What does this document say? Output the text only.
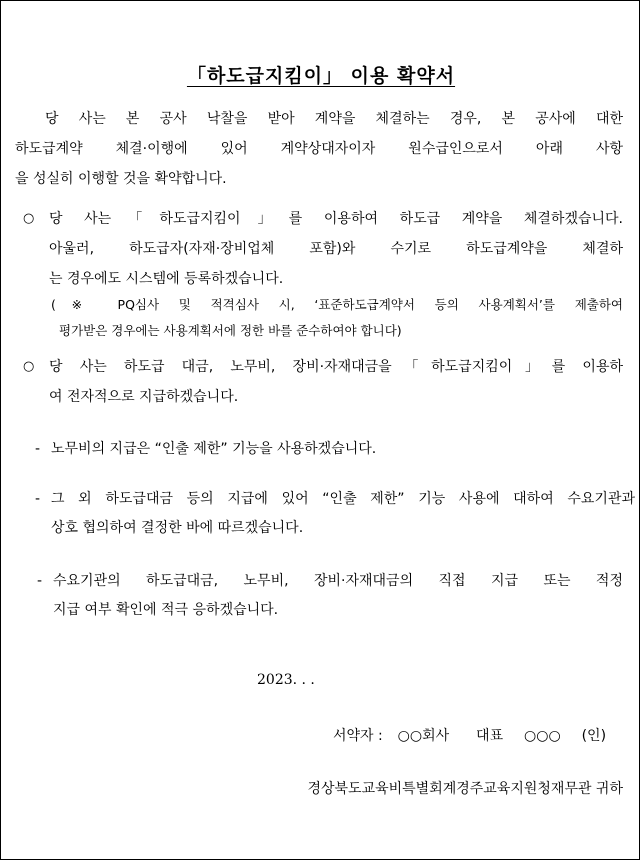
「하도급지킴이」 이용 확약서
당 사는 본 공사 낙찰을 받아 계약을 체결하는 경우, 본 공사에 대한
하도급계약 체결·이행에 있어 계약상대자이자 원수급인으로서 아래 사항
을 성실히 이행할 것을 확약합니다.
○ 당 사는「하도급지킴이」를 이용하여 하도급 계약을 체결하겠습니다.
아울러, 하도급자(자재·장비업체 포함)와 수기로 하도급계약을 체결하
는 경우에도 시스템에 등록하겠습니다.
(※ PQ심사 및 적격심사 시, ‘표준하도급계약서 등의 사용계획서’를 제출하여
평가받은 경우에는 사용계획서에 정한 바를 준수하여야 합니다)
○ 당 사는 하도급 대금, 노무비, 장비·자재대금을「하도급지킴이」를 이용하
여 전자적으로 지급하겠습니다.
- 노무비의 지급은 “인출 제한” 기능을 사용하겠습니다.
- 그 외 하도급대금 등의 지급에 있어 “인출 제한” 기능 사용에 대하여 수요기관과
상호 협의하여 결정한 바에 따르겠습니다.
- 수요기관의 하도급대금, 노무비, 장비·자재대금의 직접 지급 또는 적정
지급 여부 확인에 적극 응하겠습니다.
2023. . .
서약자 : ○○회사 대표 ○○○ (인)
경상북도교육비특별회계경주교육지원청재무관 귀하
